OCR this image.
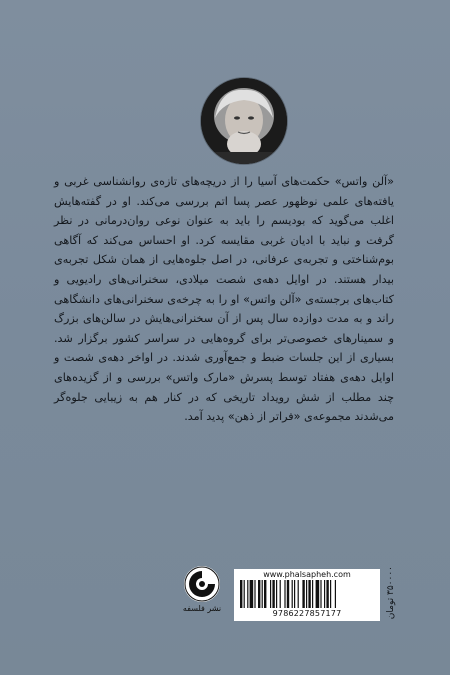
«آلن واتس» حکمت‌های آسیا را از دریچه‌های تازه‌ی روانشناسی غربی و یافته‌های علمی نوظهور عصر پسا اتم بررسی می‌کند. او در گفته‌هایش اغلب می‌گوید که بودیسم را باید به عنوان نوعی روان‌درمانی در نظر گرفت و نباید با ادیان غربی مقایسه کرد. او احساس می‌کند که آگاهی بوم‌شناختی و تجربه‌ی عرفانی، در اصل جلوه‌هایی از همان شکل تجربه‌ی بیدار هستند. در اوایل دهه‌ی شصت میلادی، سخنرانی‌های رادیویی و کتاب‌های برجسته‌ی «آلن واتس» او را به چرخه‌ی سخنرانی‌های دانشگاهی راند و به مدت دوازده سال پس از آن سخنرانی‌هایش در سالن‌های بزرگ و سمینارهای خصوصی‌تر برای گروه‌هایی در سراسر کشور برگزار شد. بسیاری از این جلسات ضبط و جمع‌آوری شدند. در اواخر دهه‌ی شصت و اوایل دهه‌ی هفتاد توسط پسرش «مارک واتس» بررسی و از گزیده‌های چند مطلب از شش رویداد تاریخی که در کنار هم به زیبایی جلوه‌گر می‌شدند مجموعه‌ی «فراتر از ذهن» پدید آمد.

۳۵۰۰۰۰ تومان
www.phalsapheh.com
9786227857177
نشر فلسفه
